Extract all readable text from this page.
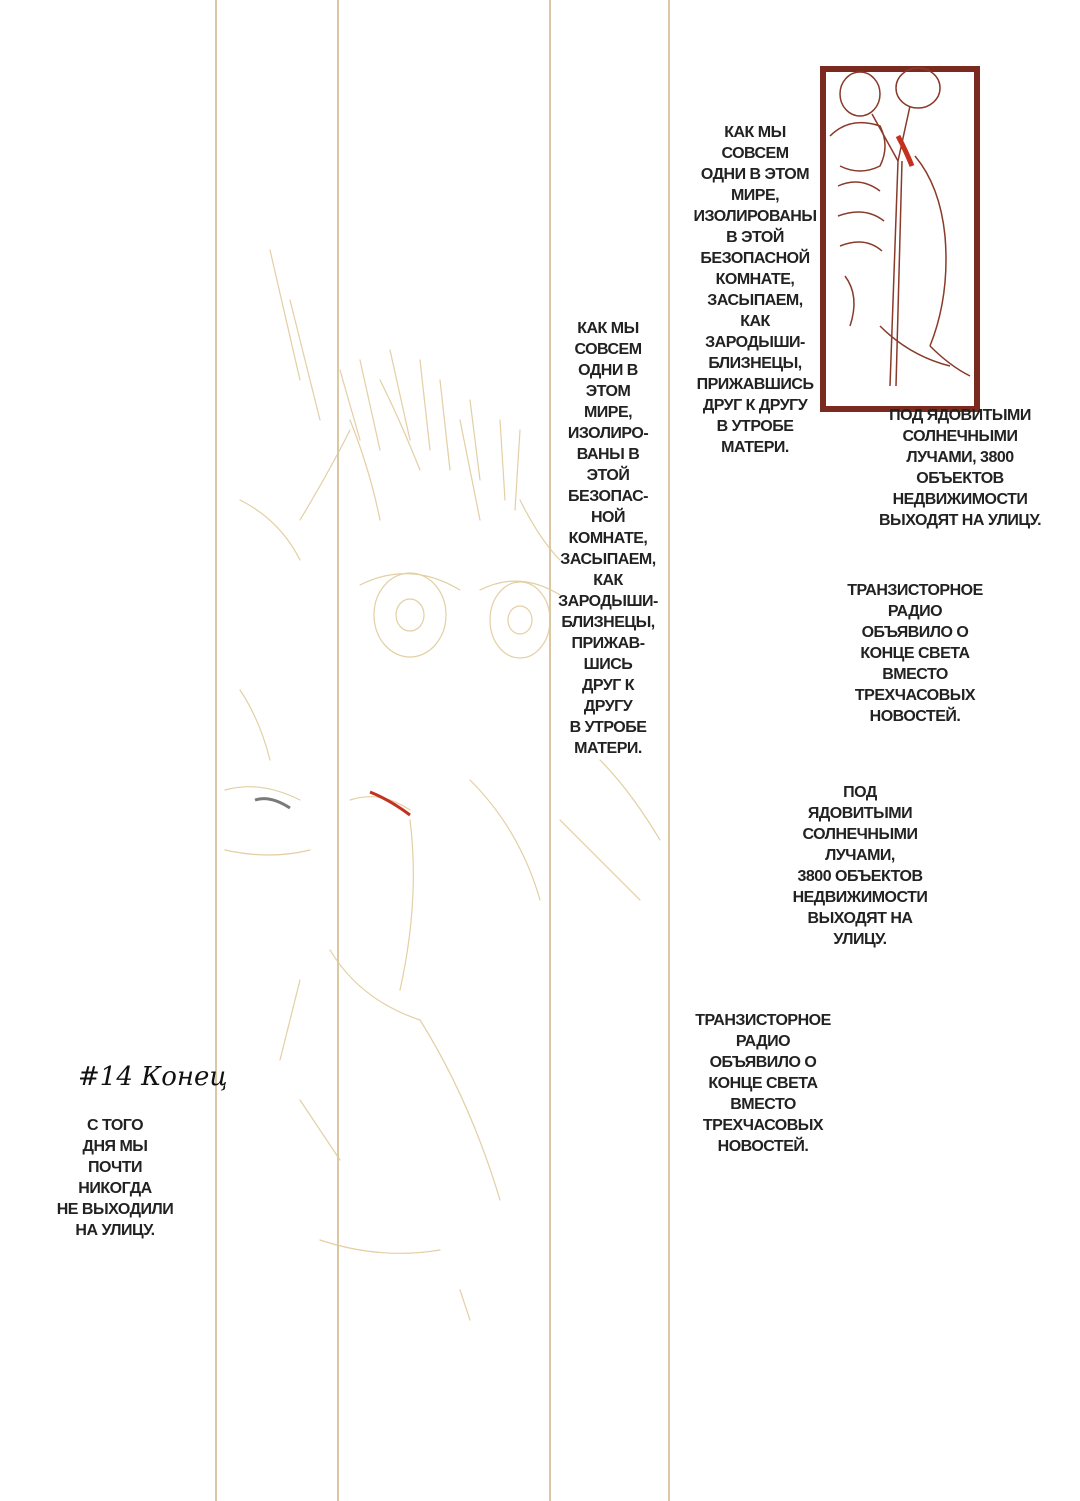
КАК МЫ
СОВСЕМ
ОДНИ В
ЭТОМ
МИРЕ,
ИЗОЛИРО-
ВАНЫ В
ЭТОЙ
БЕЗОПАС-
НОЙ
КОМНАТЕ,
ЗАСЫПАЕМ,
КАК
ЗАРОДЫШИ-
БЛИЗНЕЦЫ,
ПРИЖАВ-
ШИСЬ
ДРУГ К
ДРУГУ
В УТРОБЕ
МАТЕРИ.
КАК МЫ
СОВСЕМ
ОДНИ В ЭТОМ
МИРЕ,
ИЗОЛИРОВАНЫ
В ЭТОЙ
БЕЗОПАСНОЙ
КОМНАТЕ,
ЗАСЫПАЕМ,
КАК
ЗАРОДЫШИ-
БЛИЗНЕЦЫ,
ПРИЖАВШИСЬ
ДРУГ К ДРУГУ
В УТРОБЕ
МАТЕРИ.
ПОД ЯДОВИТЫМИ
СОЛНЕЧНЫМИ
ЛУЧАМИ, 3800
ОБЪЕКТОВ
НЕДВИЖИМОСТИ
ВЫХОДЯТ НА УЛИЦУ.
ТРАНЗИСТОРНОЕ
РАДИО
ОБЪЯВИЛО О
КОНЦЕ СВЕТА
ВМЕСТО
ТРЕХЧАСОВЫХ
НОВОСТЕЙ.
ПОД
ЯДОВИТЫМИ
СОЛНЕЧНЫМИ
ЛУЧАМИ,
3800 ОБЪЕКТОВ
НЕДВИЖИМОСТИ
ВЫХОДЯТ НА
УЛИЦУ.
ТРАНЗИСТОРНОЕ
РАДИО
ОБЪЯВИЛО О
КОНЦЕ СВЕТА
ВМЕСТО
ТРЕХЧАСОВЫХ
НОВОСТЕЙ.
С ТОГО
ДНЯ МЫ
ПОЧТИ
НИКОГДА
НЕ ВЫХОДИЛИ
НА УЛИЦУ.
#14 Конец
